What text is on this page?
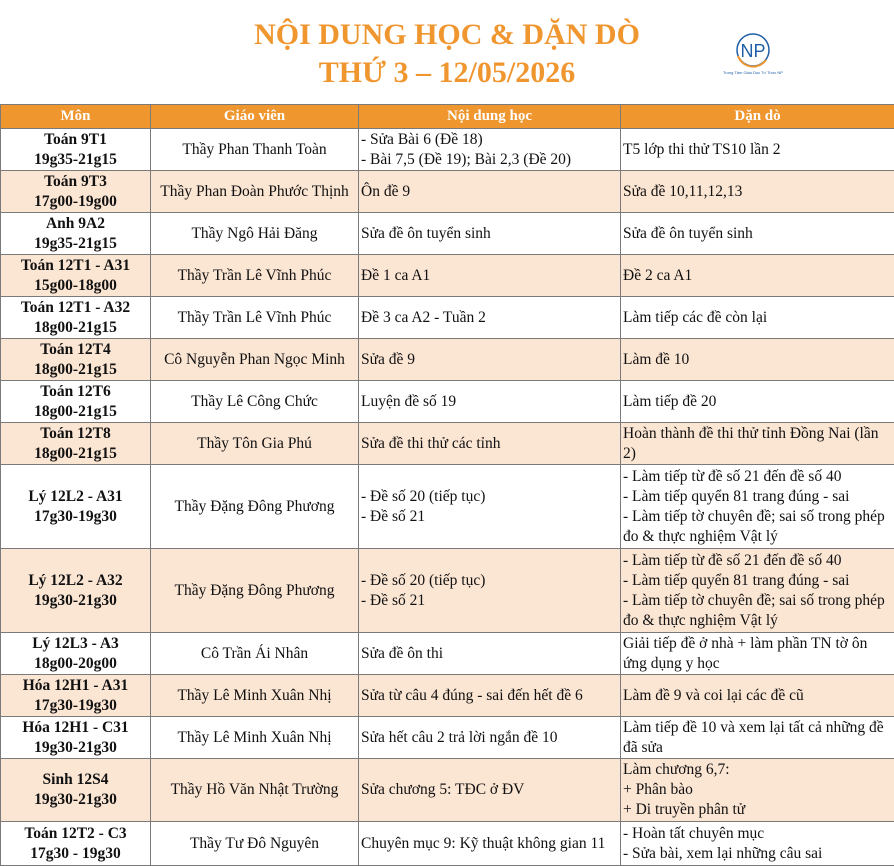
NỘI DUNG HỌC & DẶN DÒ
THỨ 3 – 12/05/2026
NP
Trung Tâm Giáo Dục Trí Thức NP
Môn	Giáo viên	Nội dung học	Dặn dò

Toán 9T1
19g35-21g15	Thầy Phan Thanh Toàn	- Sửa Bài 6 (Đề 18)
- Bài 7,5 (Đề 19); Bài 2,3 (Đề 20)	T5 lớp thi thử TS10 lần 2

Toán 9T3
17g00-19g00	Thầy Phan Đoàn Phước Thịnh	Ôn đề 9	Sửa đề 10,11,12,13

Anh 9A2
19g35-21g15	Thầy Ngô Hải Đăng	Sửa đề ôn tuyển sinh	Sửa đề ôn tuyển sinh

Toán 12T1 - A31
15g00-18g00	Thầy Trần Lê Vĩnh Phúc	Đề 1 ca A1	Đề 2 ca A1

Toán 12T1 - A32
18g00-21g15	Thầy Trần Lê Vĩnh Phúc	Đề 3 ca A2 - Tuần 2	Làm tiếp các đề còn lại

Toán 12T4
18g00-21g15	Cô Nguyễn Phan Ngọc Minh	Sửa đề 9	Làm đề 10

Toán 12T6
18g00-21g15	Thầy Lê Công Chức	Luyện đề số 19	Làm tiếp đề 20

Toán 12T8
18g00-21g15	Thầy Tôn Gia Phú	Sửa đề thi thử các tỉnh	Hoàn thành đề thi thử tỉnh Đồng Nai (lần
2)

Lý 12L2 - A31
17g30-19g30	Thầy Đặng Đông Phương	- Đề số 20 (tiếp tục)
- Đề số 21	- Làm tiếp từ đề số 21 đến đề số 40
- Làm tiếp quyển 81 trang đúng - sai
- Làm tiếp tờ chuyên đề; sai số trong phép
đo & thực nghiệm Vật lý

Lý 12L2 - A32
19g30-21g30	Thầy Đặng Đông Phương	- Đề số 20 (tiếp tục)
- Đề số 21	- Làm tiếp từ đề số 21 đến đề số 40
- Làm tiếp quyển 81 trang đúng - sai
- Làm tiếp tờ chuyên đề; sai số trong phép
đo & thực nghiệm Vật lý

Lý 12L3 - A3
18g00-20g00	Cô Trần Ái Nhân	Sửa đề ôn thi	Giải tiếp đề ở nhà + làm phần TN tờ ôn
ứng dụng y học

Hóa 12H1 - A31
17g30-19g30	Thầy Lê Minh Xuân Nhị	Sửa từ câu 4 đúng - sai đến hết đề 6	Làm đề 9 và coi lại các đề cũ

Hóa 12H1 - C31
19g30-21g30	Thầy Lê Minh Xuân Nhị	Sửa hết câu 2 trả lời ngắn đề 10	Làm tiếp đề 10 và xem lại tất cả những đề
đã sửa

Sinh 12S4
19g30-21g30	Thầy Hồ Văn Nhật Trường	Sửa chương 5: TĐC ở ĐV	Làm chương 6,7:
+ Phân bào
+ Di truyền phân tử

Toán 12T2 - C3
17g30 - 19g30	Thầy Tư Đô Nguyên	Chuyên mục 9: Kỹ thuật không gian 11	- Hoàn tất chuyên mục
- Sửa bài, xem lại những câu sai
